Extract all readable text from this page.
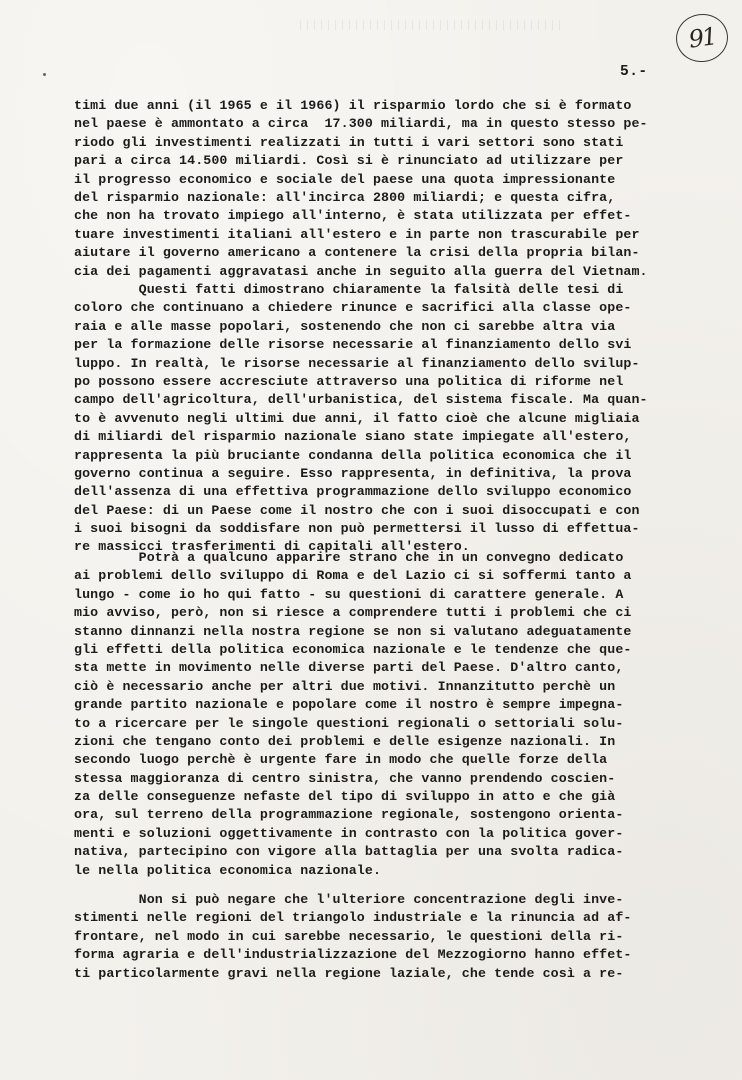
91
5.-
timi due anni (il 1965 e il 1966) il risparmio lordo che si è formato
nel paese è ammontato a circa  17.300 miliardi, ma in questo stesso pe-
riodo gli investimenti realizzati in tutti i vari settori sono stati
pari a circa 14.500 miliardi. Così si è rinunciato ad utilizzare per
il progresso economico e sociale del paese una quota impressionante
del risparmio nazionale: all'incirca 2800 miliardi; e questa cifra,
che non ha trovato impiego all'interno, è stata utilizzata per effet-
tuare investimenti italiani all'estero e in parte non trascurabile per
aiutare il governo americano a contenere la crisi della propria bilan-
cia dei pagamenti aggravatasi anche in seguito alla guerra del Vietnam.
Questi fatti dimostrano chiaramente la falsità delle tesi di
coloro che continuano a chiedere rinunce e sacrifici alla classe ope-
raia e alle masse popolari, sostenendo che non ci sarebbe altra via
per la formazione delle risorse necessarie al finanziamento dello svi
luppo. In realtà, le risorse necessarie al finanziamento dello svilup-
po possono essere accresciute attraverso una politica di riforme nel
campo dell'agricoltura, dell'urbanistica, del sistema fiscale. Ma quan-
to è avvenuto negli ultimi due anni, il fatto cioè che alcune migliaia
di miliardi del risparmio nazionale siano state impiegate all'estero,
rappresenta la più bruciante condanna della politica economica che il
governo continua a seguire. Esso rappresenta, in definitiva, la prova
dell'assenza di una effettiva programmazione dello sviluppo economico
del Paese: di un Paese come il nostro che con i suoi disoccupati e con
i suoi bisogni da soddisfare non può permettersi il lusso di effettua-
re massicci trasferimenti di capitali all'estero.
Potrà a qualcuno apparire strano che in un convegno dedicato
ai problemi dello sviluppo di Roma e del Lazio ci si soffermi tanto a
lungo - come io ho qui fatto - su questioni di carattere generale. A
mio avviso, però, non si riesce a comprendere tutti i problemi che ci
stanno dinnanzi nella nostra regione se non si valutano adeguatamente
gli effetti della politica economica nazionale e le tendenze che que-
sta mette in movimento nelle diverse parti del Paese. D'altro canto,
ciò è necessario anche per altri due motivi. Innanzitutto perchè un
grande partito nazionale e popolare come il nostro è sempre impegna-
to a ricercare per le singole questioni regionali o settoriali solu-
zioni che tengano conto dei problemi e delle esigenze nazionali. In
secondo luogo perchè è urgente fare in modo che quelle forze della
stessa maggioranza di centro sinistra, che vanno prendendo coscien-
za delle conseguenze nefaste del tipo di sviluppo in atto e che già
ora, sul terreno della programmazione regionale, sostengono orienta-
menti e soluzioni oggettivamente in contrasto con la politica gover-
nativa, partecipino con vigore alla battaglia per una svolta radica-
le nella politica economica nazionale.
Non si può negare che l'ulteriore concentrazione degli inve-
stimenti nelle regioni del triangolo industriale e la rinuncia ad af-
frontare, nel modo in cui sarebbe necessario, le questioni della ri-
forma agraria e dell'industrializzazione del Mezzogiorno hanno effet-
ti particolarmente gravi nella regione laziale, che tende così a re-
